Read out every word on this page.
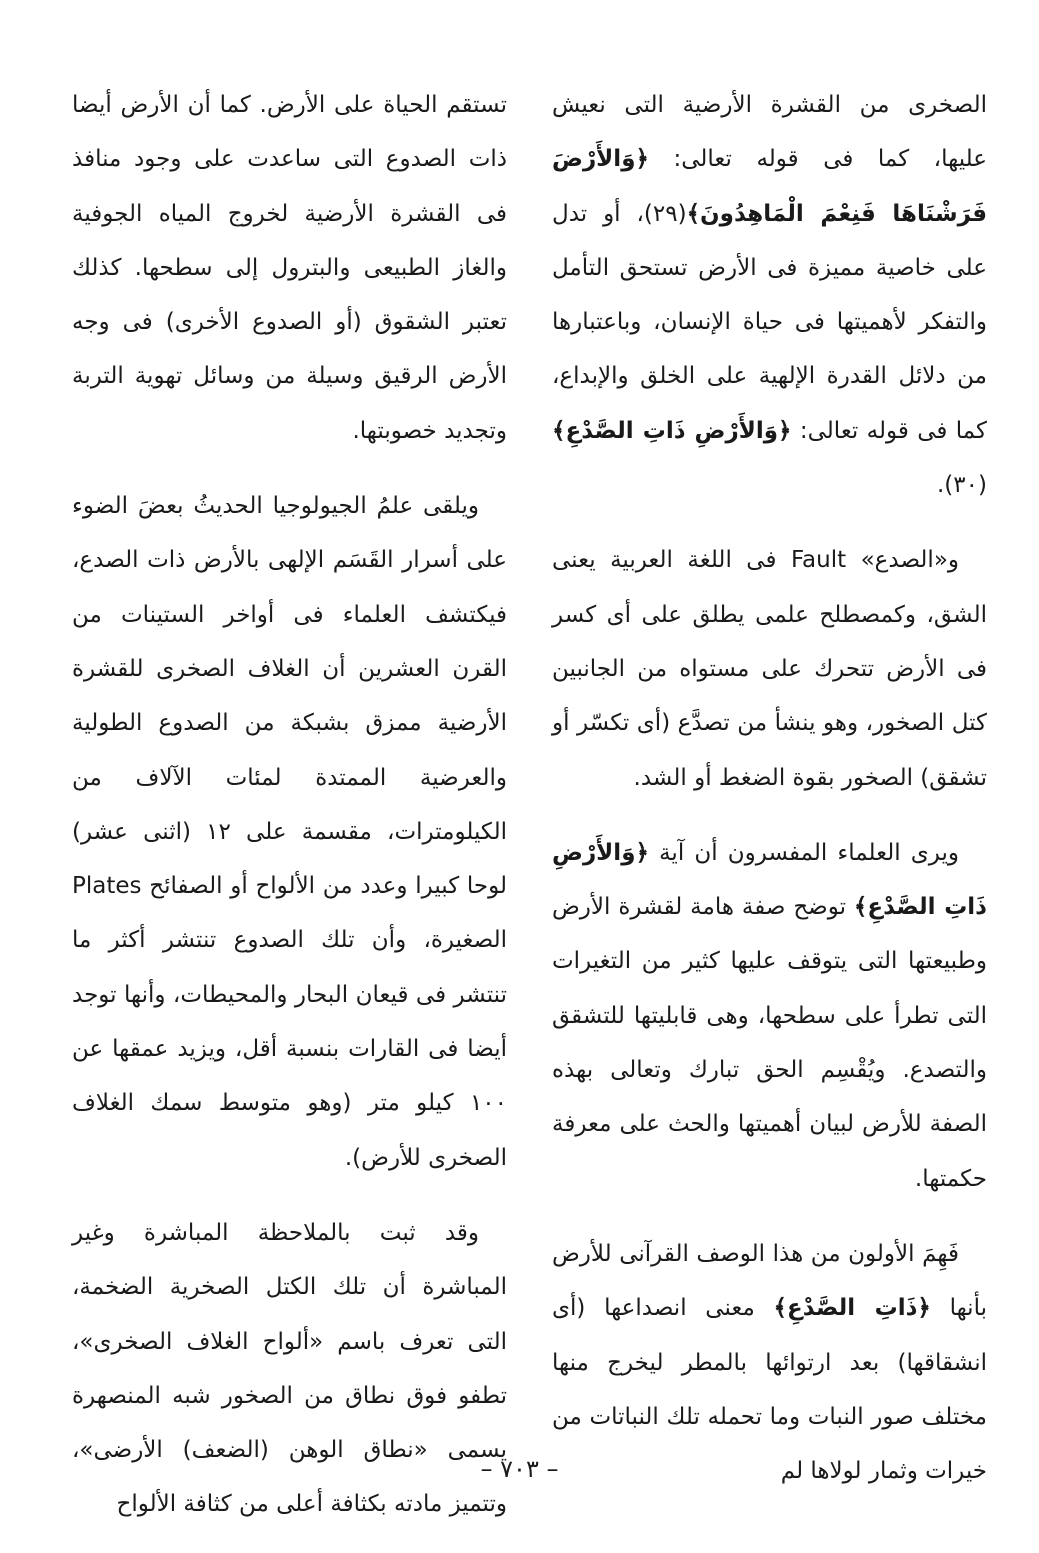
الصخرى من القشرة الأرضية التى نعيش عليها، كما فى قوله تعالى: ﴿وَالأَرْضَ فَرَشْنَاهَا فَنِعْمَ الْمَاهِدُونَ﴾(٢٩)، أو تدل على خاصية مميزة فى الأرض تستحق التأمل والتفكر لأهميتها فى حياة الإنسان، وباعتبارها من دلائل القدرة الإلهية على الخلق والإبداع، كما فى قوله تعالى: ﴿وَالأَرْضِ ذَاتِ الصَّدْعِ﴾(٣٠).

و«الصدع» Fault فى اللغة العربية يعنى الشق، وكمصطلح علمى يطلق على أى كسر فى الأرض تتحرك على مستواه من الجانبين كتل الصخور، وهو ينشأ من تصدَّع (أى تكسّر أو تشقق) الصخور بقوة الضغط أو الشد.

ويرى العلماء المفسرون أن آية ﴿وَالأَرْضِ ذَاتِ الصَّدْعِ﴾ توضح صفة هامة لقشرة الأرض وطبيعتها التى يتوقف عليها كثير من التغيرات التى تطرأ على سطحها، وهى قابليتها للتشقق والتصدع. ويُقْسِم الحق تبارك وتعالى بهذه الصفة للأرض لبيان أهميتها والحث على معرفة حكمتها.

فَهِمَ الأولون من هذا الوصف القرآنى للأرض بأنها ﴿ذَاتِ الصَّدْعِ﴾ معنى انصداعها (أى انشقاقها) بعد ارتوائها بالمطر ليخرج منها مختلف صور النبات وما تحمله تلك النباتات من خيرات وثمار لولاها لم

تستقم الحياة على الأرض. كما أن الأرض أيضا ذات الصدوع التى ساعدت على وجود منافذ فى القشرة الأرضية لخروج المياه الجوفية والغاز الطبيعى والبترول إلى سطحها. كذلك تعتبر الشقوق (أو الصدوع الأخرى) فى وجه الأرض الرقيق وسيلة من وسائل تهوية التربة وتجديد خصوبتها.

ويلقى علمُ الجيولوجيا الحديثُ بعضَ الضوء على أسرار القَسَم الإلهى بالأرض ذات الصدع، فيكتشف العلماء فى أواخر الستينات من القرن العشرين أن الغلاف الصخرى للقشرة الأرضية ممزق بشبكة من الصدوع الطولية والعرضية الممتدة لمئات الآلاف من الكيلومترات، مقسمة على ١٢ (اثنى عشر) لوحا كبيرا وعدد من الألواح أو الصفائح Plates الصغيرة، وأن تلك الصدوع تنتشر أكثر ما تنتشر فى قيعان البحار والمحيطات، وأنها توجد أيضا فى القارات بنسبة أقل، ويزيد عمقها عن ١٠٠ كيلو متر (وهو متوسط سمك الغلاف الصخرى للأرض).

وقد ثبت بالملاحظة المباشرة وغير المباشرة أن تلك الكتل الصخرية الضخمة، التى تعرف باسم «ألواح الغلاف الصخرى»، تطفو فوق نطاق من الصخور شبه المنصهرة يسمى «نطاق الوهن (الضعف) الأرضى»، وتتميز مادته بكثافة أعلى من كثافة الألواح

– ٧٠٣ –
